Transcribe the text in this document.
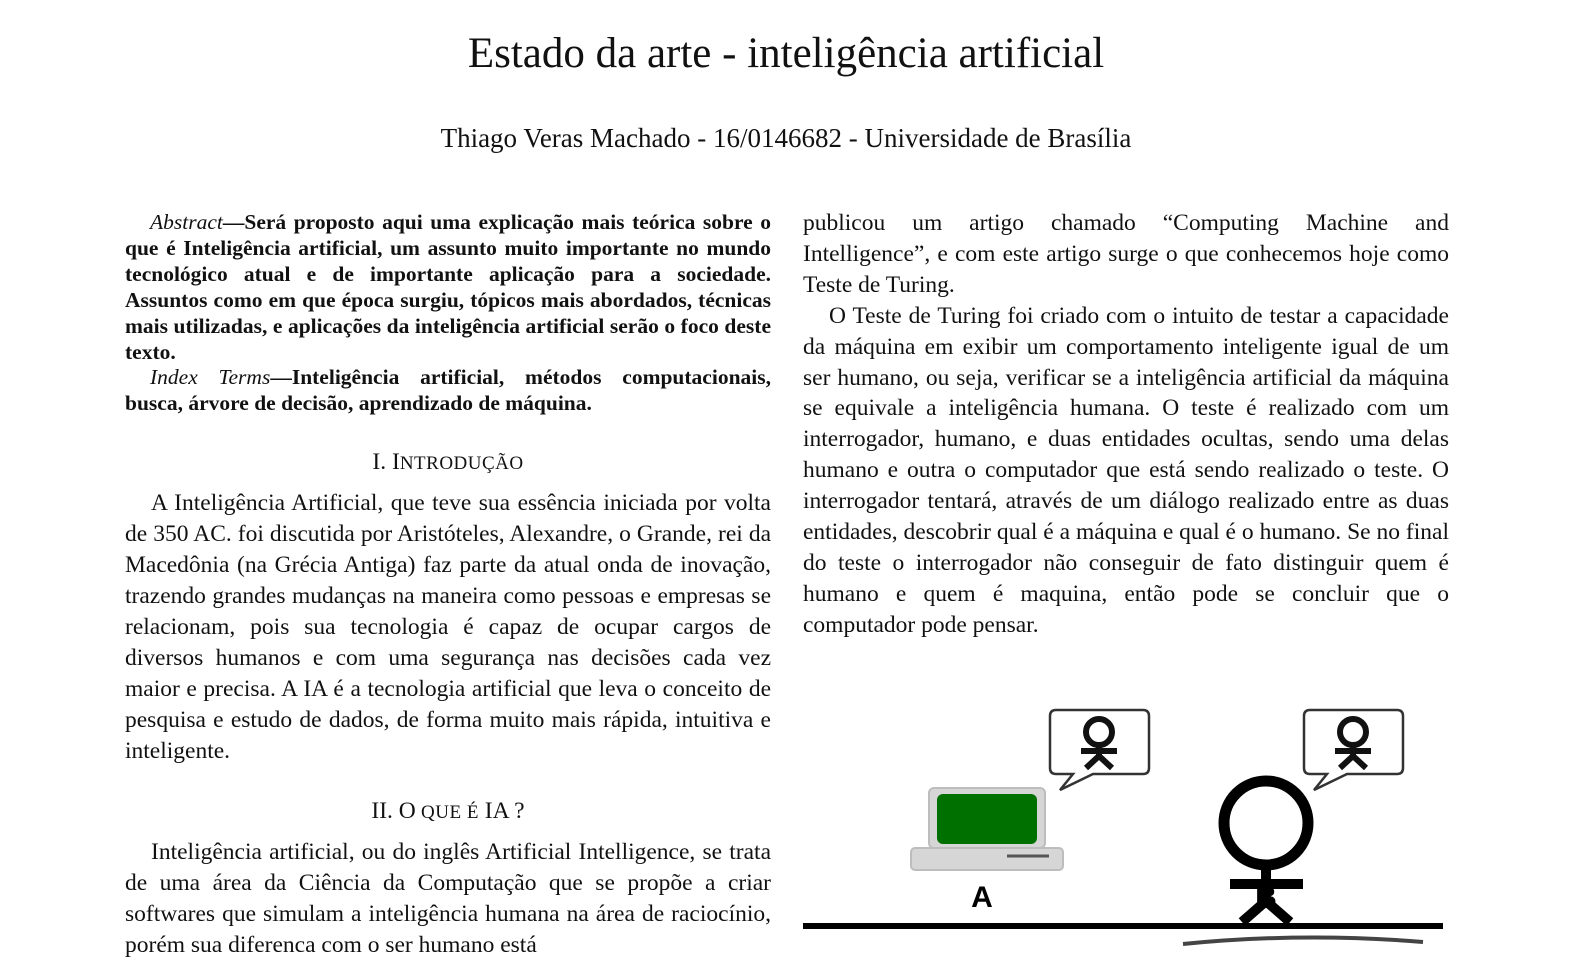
Estado da arte - inteligência artificial
Thiago Veras Machado - 16/0146682 - Universidade de Brasília

Abstract—Será proposto aqui uma explicação mais teórica sobre o que é Inteligência artificial, um assunto muito importante no mundo tecnológico atual e de importante aplicação para a sociedade. Assuntos como em que época surgiu, tópicos mais abordados, técnicas mais utilizadas, e aplicações da inteligência artificial serão o foco deste texto.

Index Terms—Inteligência artificial, métodos computacionais, busca, árvore de decisão, aprendizado de máquina.

I. INTRODUÇÃO

A Inteligência Artificial, que teve sua essência iniciada por volta de 350 AC. foi discutida por Aristóteles, Alexandre, o Grande, rei da Macedônia (na Grécia Antiga) faz parte da atual onda de inovação, trazendo grandes mudanças na maneira como pessoas e empresas se relacionam, pois sua tecnologia é capaz de ocupar cargos de diversos humanos e com uma segurança nas decisões cada vez maior e precisa. A IA é a tecnologia artificial que leva o conceito de pesquisa e estudo de dados, de forma muito mais rápida, intuitiva e inteligente.

II. O QUE É IA ?

Inteligência artificial, ou do inglês Artificial Intelligence, se trata de uma área da Ciência da Computação que se propõe a criar softwares que simulam a inteligência humana na área de raciocínio, porém sua diferenca com o ser humano está

publicou um artigo chamado “Computing Machine and Intelligence”, e com este artigo surge o que conhecemos hoje como Teste de Turing.

O Teste de Turing foi criado com o intuito de testar a capacidade da máquina em exibir um comportamento inteligente igual de um ser humano, ou seja, verificar se a inteligência artificial da máquina se equivale a inteligência humana. O teste é realizado com um interrogador, humano, e duas entidades ocultas, sendo uma delas humano e outra o computador que está sendo realizado o teste. O interrogador tentará, através de um diálogo realizado entre as duas entidades, descobrir qual é a máquina e qual é o humano. Se no final do teste o interrogador não conseguir de fato distinguir quem é humano e quem é maquina, então pode se concluir que o computador pode pensar.

A	B
